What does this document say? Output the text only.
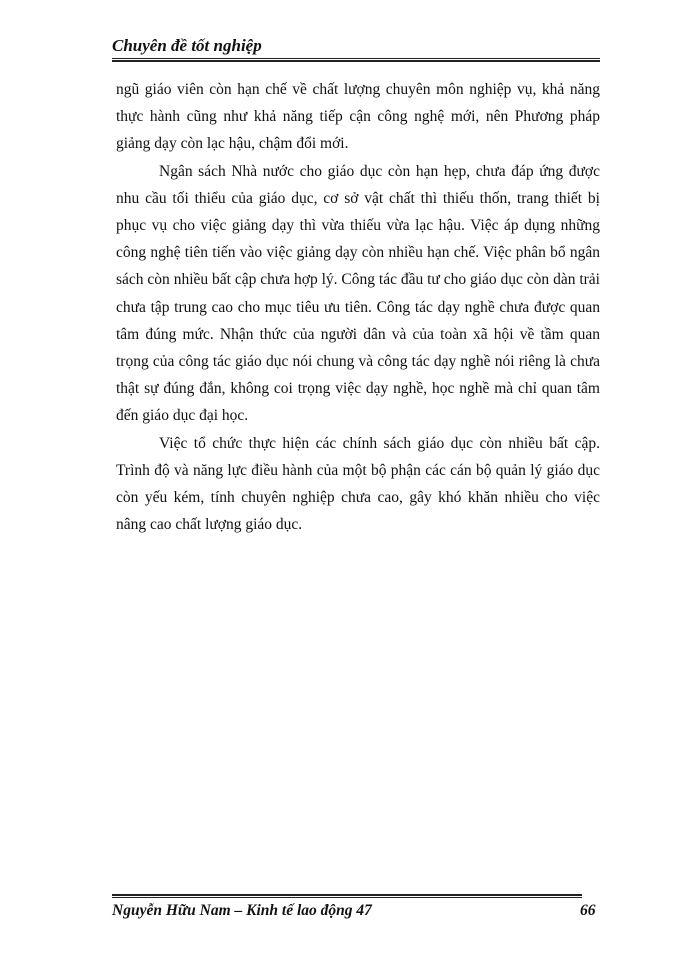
Chuyên đề tốt nghiệp

ngũ giáo viên còn hạn chế về chất lượng chuyên môn nghiệp vụ, khả năng thực hành cũng như khả năng tiếp cận công nghệ mới, nên Phương pháp giảng dạy còn lạc hậu, chậm đổi mới.

Ngân sách Nhà nước cho giáo dục còn hạn hẹp, chưa đáp ứng được nhu cầu tối thiểu của giáo dục, cơ sở vật chất thì thiếu thốn, trang thiết bị phục vụ cho việc giảng dạy thì vừa thiếu vừa lạc hậu. Việc áp dụng những công nghệ tiên tiến vào việc giảng dạy còn nhiều hạn chế. Việc phân bổ ngân sách còn nhiều bất cập chưa hợp lý. Công tác đầu tư cho giáo dục còn dàn trải chưa tập trung cao cho mục tiêu ưu tiên. Công tác dạy nghề chưa được quan tâm đúng mức. Nhận thức của người dân và của toàn xã hội về tầm quan trọng của công tác giáo dục nói chung và công tác dạy nghề nói riêng là chưa thật sự đúng đắn, không coi trọng việc dạy nghề, học nghề mà chỉ quan tâm đến giáo dục đại học.

Việc tổ chức thực hiện các chính sách giáo dục còn nhiều bất cập. Trình độ và năng lực điều hành của một bộ phận các cán bộ quản lý giáo dục còn yếu kém, tính chuyên nghiệp chưa cao, gây khó khăn nhiều cho việc nâng cao chất lượng giáo dục.

Nguyễn Hữu Nam – Kinh tế lao động 47	66
